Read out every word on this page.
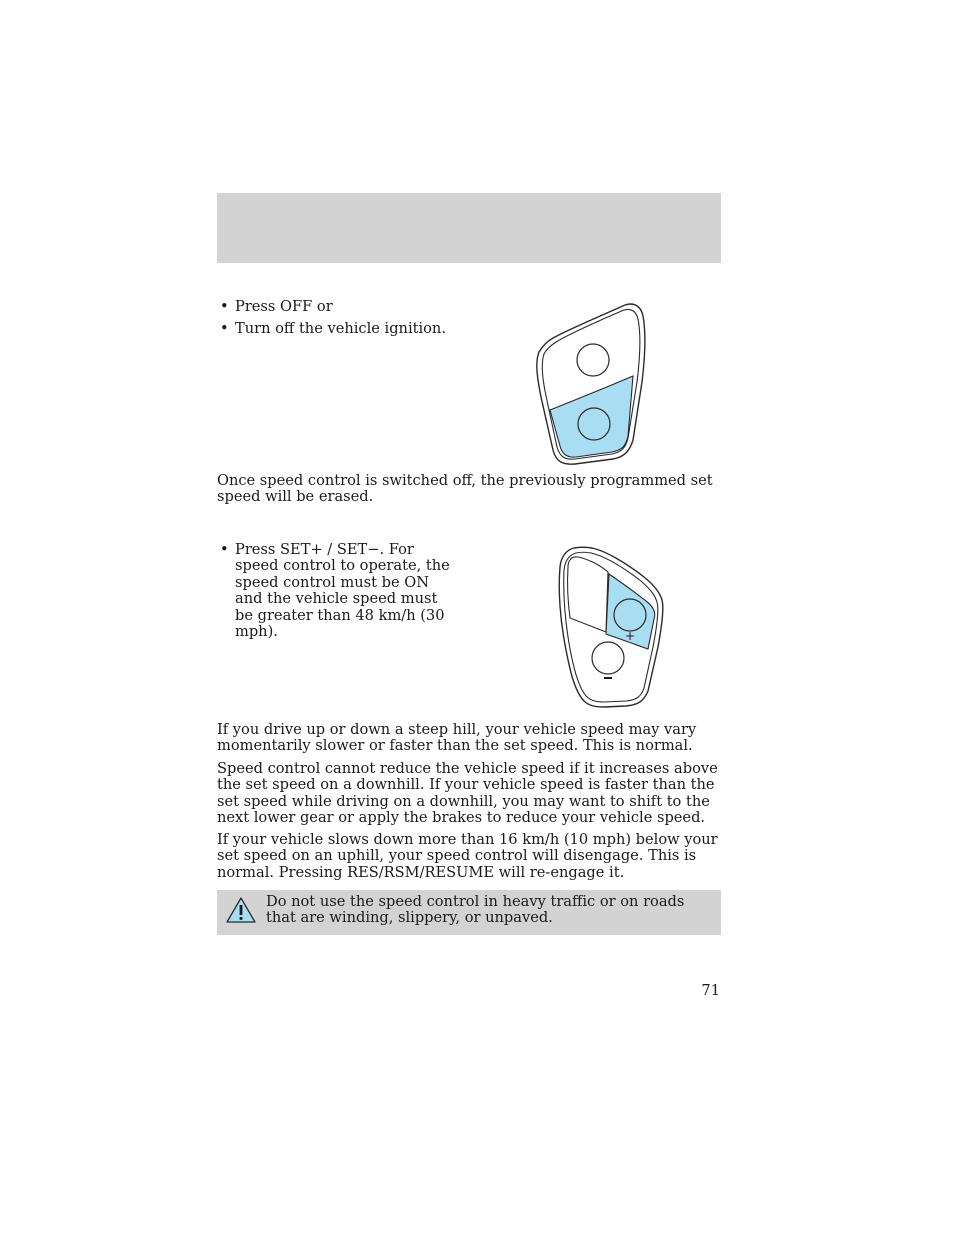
• Press OFF or
• Turn off the vehicle ignition.

Once speed control is switched off, the previously programmed set speed will be erased.

• Press SET+ / SET−. For speed control to operate, the speed control must be ON and the vehicle speed must be greater than 48 km/h (30 mph).	+

If you drive up or down a steep hill, your vehicle speed may vary momentarily slower or faster than the set speed. This is normal.

Speed control cannot reduce the vehicle speed if it increases above the set speed on a downhill. If your vehicle speed is faster than the set speed while driving on a downhill, you may want to shift to the next lower gear or apply the brakes to reduce your vehicle speed.

If your vehicle slows down more than 16 km/h (10 mph) below your set speed on an uphill, your speed control will disengage. This is normal. Pressing RES/RSM/RESUME will re-engage it.

Do not use the speed control in heavy traffic or on roads that are winding, slippery, or unpaved.

71
